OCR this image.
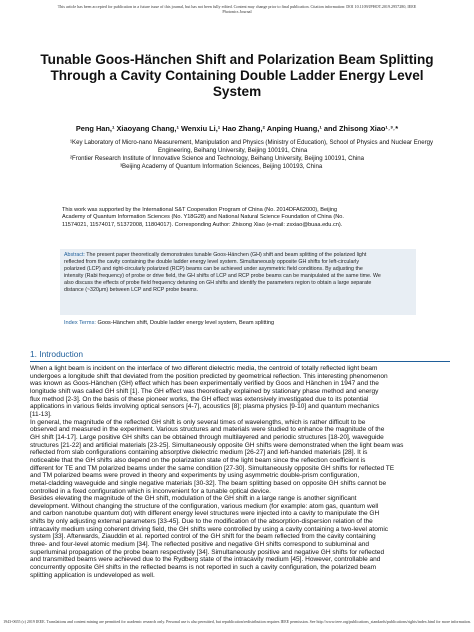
This article has been accepted for publication in a future issue of this journal, but has not been fully edited. Content may change prior to final publication. Citation information: DOI 10.1109/JPHOT.2019.2957280, IEEE
Photonics Journal
Tunable Goos-Hänchen Shift and Polarization Beam Splitting
Through a Cavity Containing Double Ladder Energy Level
System
Peng Han,¹ Xiaoyang Chang,¹ Wenxiu Li,¹ Hao Zhang,² Anping Huang,¹ and Zhisong Xiao¹˒³˒*
¹Key Laboratory of Micro-nano Measurement, Manipulation and Physics (Ministry of Education), School of Physics and Nuclear Energy
Engineering, Beihang University, Beijing 100191, China
²Frontier Research Institute of Innovative Science and Technology, Beihang University, Beijing 100191, China
³Beijing Academy of Quantum Information Sciences, Beijing 100193, China
This work was supported by the International S&T Cooperation Program of China (No. 2014DFA62000), Beijing
Academy of Quantum Information Sciences (No. Y18G28) and National Natural Science Foundation of China (No.
11574021, 11574017, 51372008, 11804017). Corresponding Author: Zhisong Xiao (e-mail: zsxiao@buaa.edu.cn).
Abstract: The present paper theoretically demonstrates tunable Goos-Hänchen (GH) shift and beam splitting of the polarized light
reflected from the cavity containing the double ladder energy level system. Simultaneously opposite GH shifts for left-circularly
polarized (LCP) and right-circularly polarized (RCP) beams can be achieved under asymmetric field conditions. By adjusting the
intensity (Rabi frequency) of probe or drive field, the GH shifts of LCP and RCP probe beams can be manipulated at the same time. We
also discuss the effects of probe field frequency detuning on GH shifts and identify the parameters region to obtain a large separate
distance (~320μm) between LCP and RCP probe beams.
Index Terms: Goos-Hänchen shift, Double ladder energy level system, Beam splitting
1. Introduction
When a light beam is incident on the interface of two different dielectric media, the centroid of totally reflected light beam
undergoes a longitude shift that deviated from the position predicted by geometrical reflection. This interesting phenomenon
was known as Goos-Hänchen (GH) effect which has been experimentally verified by Goos and Hänchen in 1947 and the
longitude shift was called GH shift [1]. The GH effect was theoretically explained by stationary phase method and energy
flux method [2-3]. On the basis of these pioneer works, the GH effect was extensively investigated due to its potential
applications in various fields involving optical sensors [4-7], acoustics [8]; plasma physics [9-10] and quantum mechanics
[11-13].
In general, the magnitude of the reflected GH shift is only several times of wavelengths, which is rather difficult to be
observed and measured in the experiment. Various structures and materials were studied to enhance the magnitude of the
GH shift [14-17]. Large positive GH shifts can be obtained through multilayered and periodic structures [18-20], waveguide
structures [21-22] and artificial materials [23-25]. Simultaneously opposite GH shifts were demonstrated when the light beam was
reflected from slab configurations containing absorptive dielectric medium [26-27] and left-handed materials [28]. It is
noticeable that the GH shifts also depend on the polarization state of the light beam since the reflection coefficient is
different for TE and TM polarized beams under the same condition [27-30]. Simultaneously opposite GH shifts for reflected TE
and TM polarized beams were proved in theory and experiments by using asymmetric double-prism configuration,
metal-cladding waveguide and single negative materials [30-32]. The beam splitting based on opposite GH shifts cannot be
controlled in a fixed configuration which is inconvenient for a tunable optical device.
Besides elevating the magnitude of the GH shift, modulation of the GH shift in a large range is another significant
development. Without changing the structure of the configuration, various medium (for example: atom gas, quantum well
and carbon nanotube quantum dot) with different energy level structures were injected into a cavity to manipulate the GH
shifts by only adjusting external parameters [33-45]. Due to the modification of the absorption-dispersion relation of the
intracavity medium using coherent driving field, the GH shifts were controlled by using a cavity containing a two-level atomic
system [33]. Afterwards, Ziauddin et al. reported control of the GH shift for the beam reflected from the cavity containing
three- and four-level atomic medium [34]. The reflected positive and negative GH shifts correspond to subluminal and
superluminal propagation of the probe beam respectively [34]. Simultaneously positive and negative GH shifts for reflected
and transmitted beams were achieved due to the Rydberg state of the intracavity medium [45]. However, controllable and
concurrently opposite GH shifts in the reflected beams is not reported in such a cavity configuration, the polarized beam
splitting application is undeveloped as well.
1943-0655 (c) 2019 IEEE. Translations and content mining are permitted for academic research only. Personal use is also permitted, but republication/redistribution requires IEEE permission. See http://www.ieee.org/publications_standards/publications/rights/index.html for more information.
